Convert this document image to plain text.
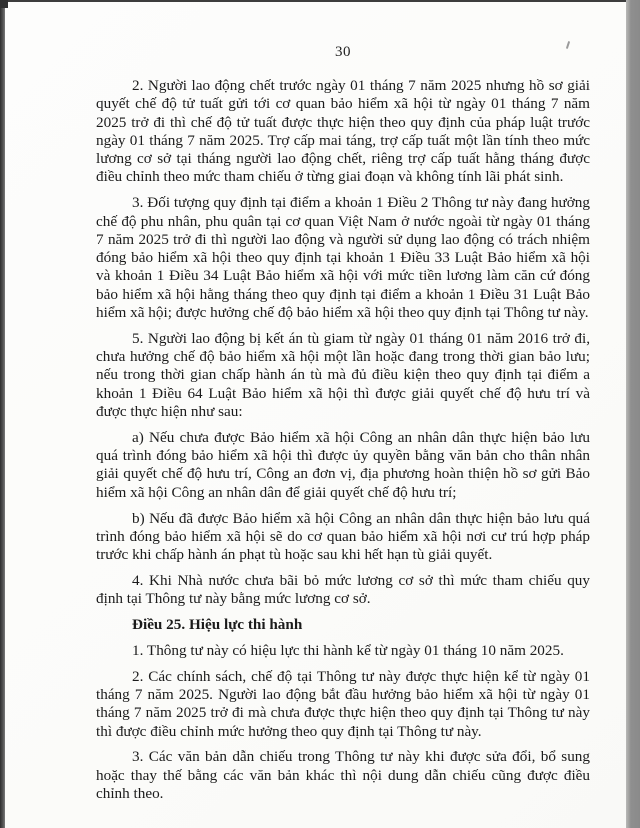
30

2. Người lao động chết trước ngày 01 tháng 7 năm 2025 nhưng hồ sơ giải quyết chế độ tử tuất gửi tới cơ quan bảo hiểm xã hội từ ngày 01 tháng 7 năm 2025 trở đi thì chế độ tử tuất được thực hiện theo quy định của pháp luật trước ngày 01 tháng 7 năm 2025. Trợ cấp mai táng, trợ cấp tuất một lần tính theo mức lương cơ sở tại tháng người lao động chết, riêng trợ cấp tuất hằng tháng được điều chỉnh theo mức tham chiếu ở từng giai đoạn và không tính lãi phát sinh.

3. Đối tượng quy định tại điểm a khoản 1 Điều 2 Thông tư này đang hưởng chế độ phu nhân, phu quân tại cơ quan Việt Nam ở nước ngoài từ ngày 01 tháng 7 năm 2025 trở đi thì người lao động và người sử dụng lao động có trách nhiệm đóng bảo hiểm xã hội theo quy định tại khoản 1 Điều 33 Luật Bảo hiểm xã hội và khoản 1 Điều 34 Luật Bảo hiểm xã hội với mức tiền lương làm căn cứ đóng bảo hiểm xã hội hằng tháng theo quy định tại điểm a khoản 1 Điều 31 Luật Bảo hiểm xã hội; được hưởng chế độ bảo hiểm xã hội theo quy định tại Thông tư này.

5. Người lao động bị kết án tù giam từ ngày 01 tháng 01 năm 2016 trở đi, chưa hưởng chế độ bảo hiểm xã hội một lần hoặc đang trong thời gian bảo lưu; nếu trong thời gian chấp hành án tù mà đủ điều kiện theo quy định tại điểm a khoản 1 Điều 64 Luật Bảo hiểm xã hội thì được giải quyết chế độ hưu trí và được thực hiện như sau:

a) Nếu chưa được Bảo hiểm xã hội Công an nhân dân thực hiện bảo lưu quá trình đóng bảo hiểm xã hội thì được ủy quyền bằng văn bản cho thân nhân giải quyết chế độ hưu trí, Công an đơn vị, địa phương hoàn thiện hồ sơ gửi Bảo hiểm xã hội Công an nhân dân để giải quyết chế độ hưu trí;

b) Nếu đã được Bảo hiểm xã hội Công an nhân dân thực hiện bảo lưu quá trình đóng bảo hiểm xã hội sẽ do cơ quan bảo hiểm xã hội nơi cư trú hợp pháp trước khi chấp hành án phạt tù hoặc sau khi hết hạn tù giải quyết.

4. Khi Nhà nước chưa bãi bỏ mức lương cơ sở thì mức tham chiếu quy định tại Thông tư này bằng mức lương cơ sở.

Điều 25. Hiệu lực thi hành

1. Thông tư này có hiệu lực thi hành kể từ ngày 01 tháng 10 năm 2025.

2. Các chính sách, chế độ tại Thông tư này được thực hiện kể từ ngày 01 tháng 7 năm 2025. Người lao động bắt đầu hưởng bảo hiểm xã hội từ ngày 01 tháng 7 năm 2025 trở đi mà chưa được thực hiện theo quy định tại Thông tư này thì được điều chỉnh mức hưởng theo quy định tại Thông tư này.

3. Các văn bản dẫn chiếu trong Thông tư này khi được sửa đổi, bổ sung hoặc thay thế bằng các văn bản khác thì nội dung dẫn chiếu cũng được điều chỉnh theo.
